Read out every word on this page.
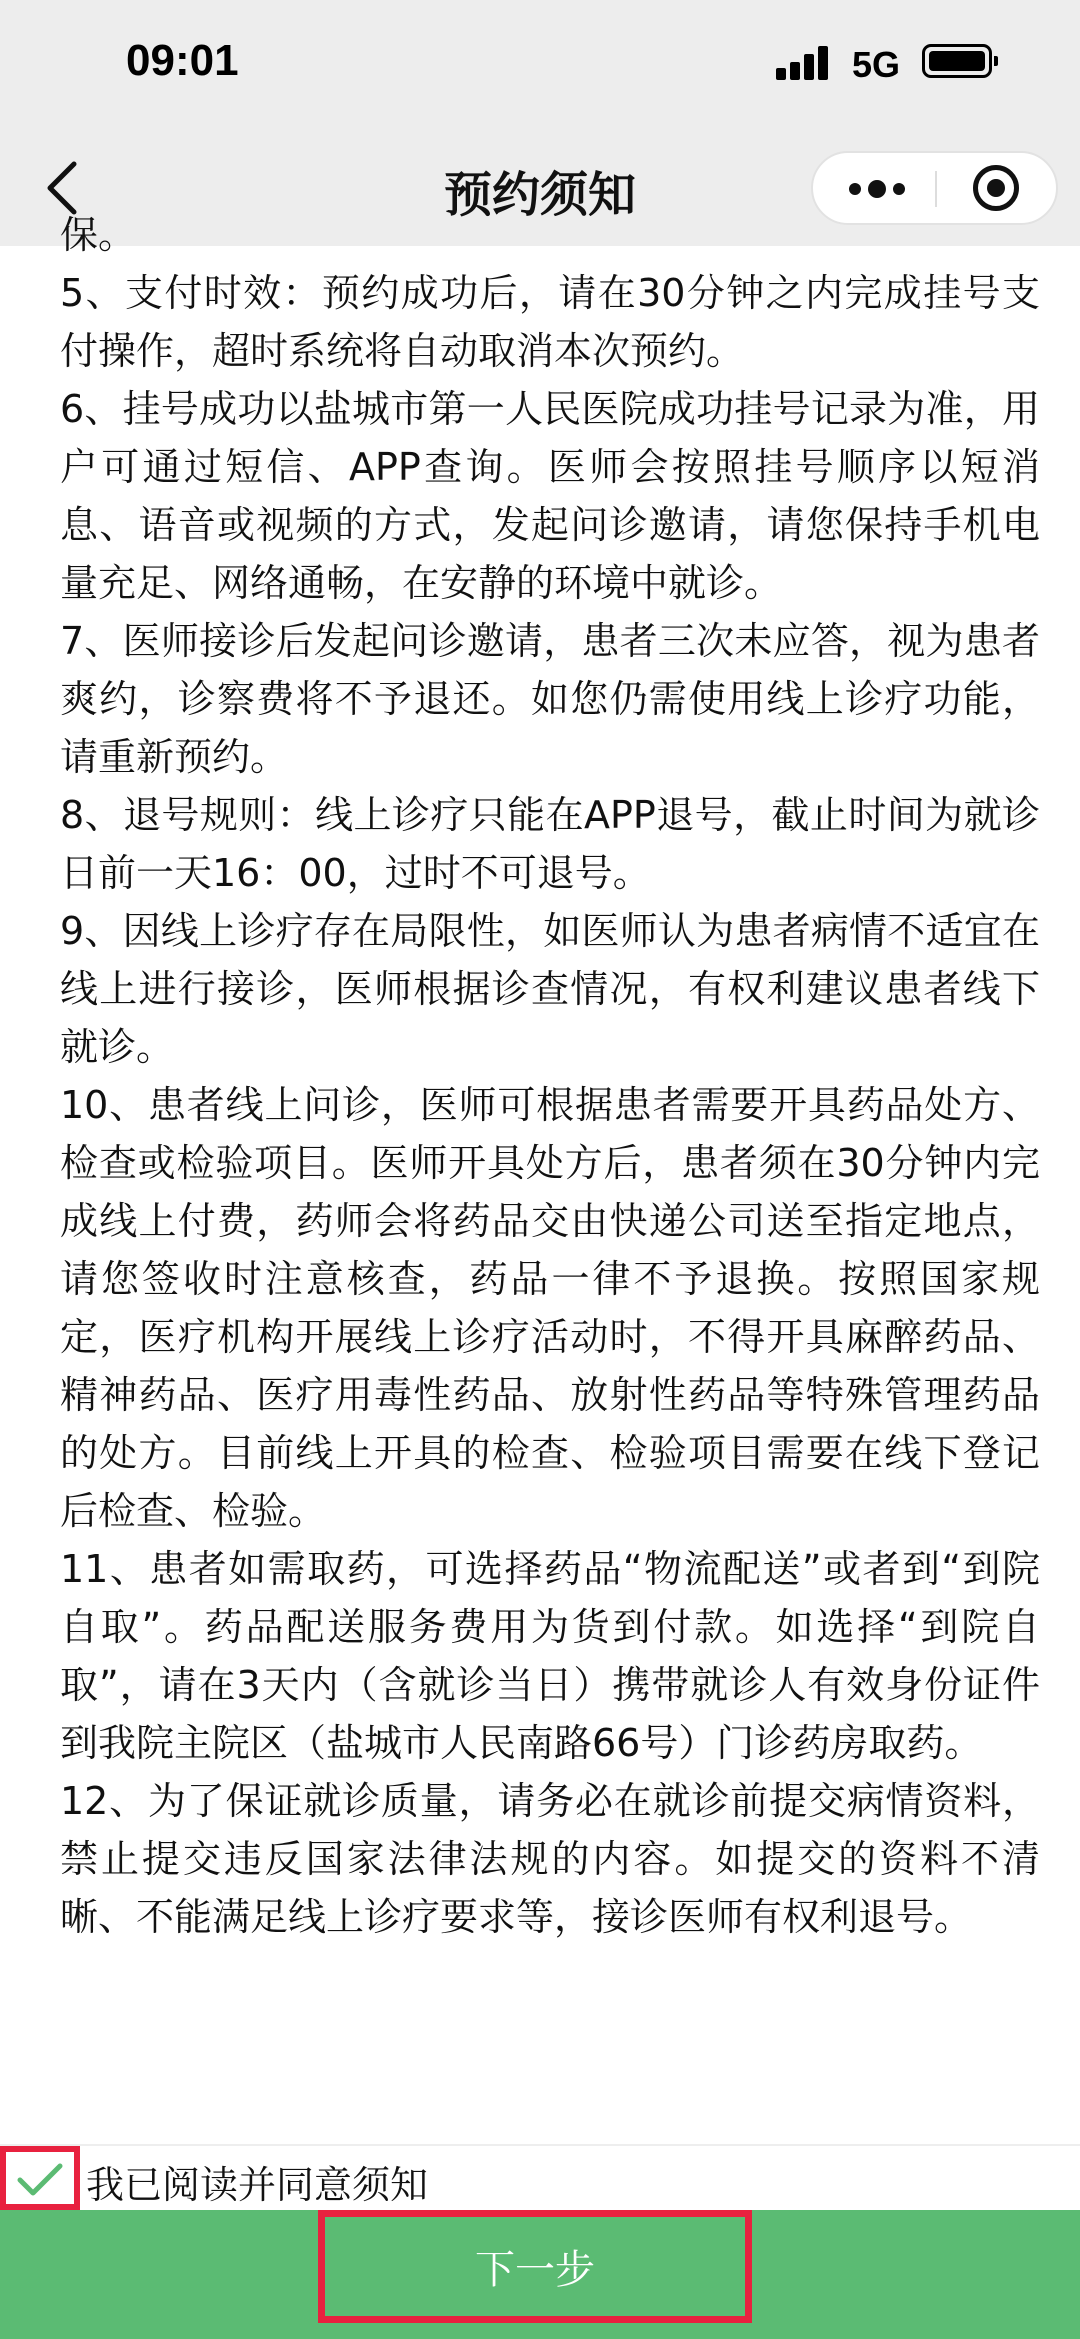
09:01	5G
预约须知

保。

5、支付时效：预约成功后，请在30分钟之内完成挂号支付操作，超时系统将自动取消本次预约。

6、挂号成功以盐城市第一人民医院成功挂号记录为准，用户可通过短信、APP查询。医师会按照挂号顺序以短消息、语音或视频的方式，发起问诊邀请，请您保持手机电量充足、网络通畅，在安静的环境中就诊。

7、医师接诊后发起问诊邀请，患者三次未应答，视为患者爽约，诊察费将不予退还。如您仍需使用线上诊疗功能，请重新预约。

8、退号规则：线上诊疗只能在APP退号，截止时间为就诊日前一天16：00，过时不可退号。

9、因线上诊疗存在局限性，如医师认为患者病情不适宜在线上进行接诊，医师根据诊查情况，有权利建议患者线下就诊。

10、患者线上问诊，医师可根据患者需要开具药品处方、检查或检验项目。医师开具处方后，患者须在30分钟内完成线上付费，药师会将药品交由快递公司送至指定地点，请您签收时注意核查，药品一律不予退换。按照国家规定，医疗机构开展线上诊疗活动时，不得开具麻醉药品、精神药品、医疗用毒性药品、放射性药品等特殊管理药品的处方。目前线上开具的检查、检验项目需要在线下登记后检查、检验。

11、患者如需取药，可选择药品“物流配送”或者到“到院自取”。药品配送服务费用为货到付款。如选择“到院自取”，请在3天内（含就诊当日）携带就诊人有效身份证件到我院主院区（盐城市人民南路66号）门诊药房取药。

12、为了保证就诊质量，请务必在就诊前提交病情资料，禁止提交违反国家法律法规的内容。如提交的资料不清晰、不能满足线上诊疗要求等，接诊医师有权利退号。

我已阅读并同意须知
下一步
